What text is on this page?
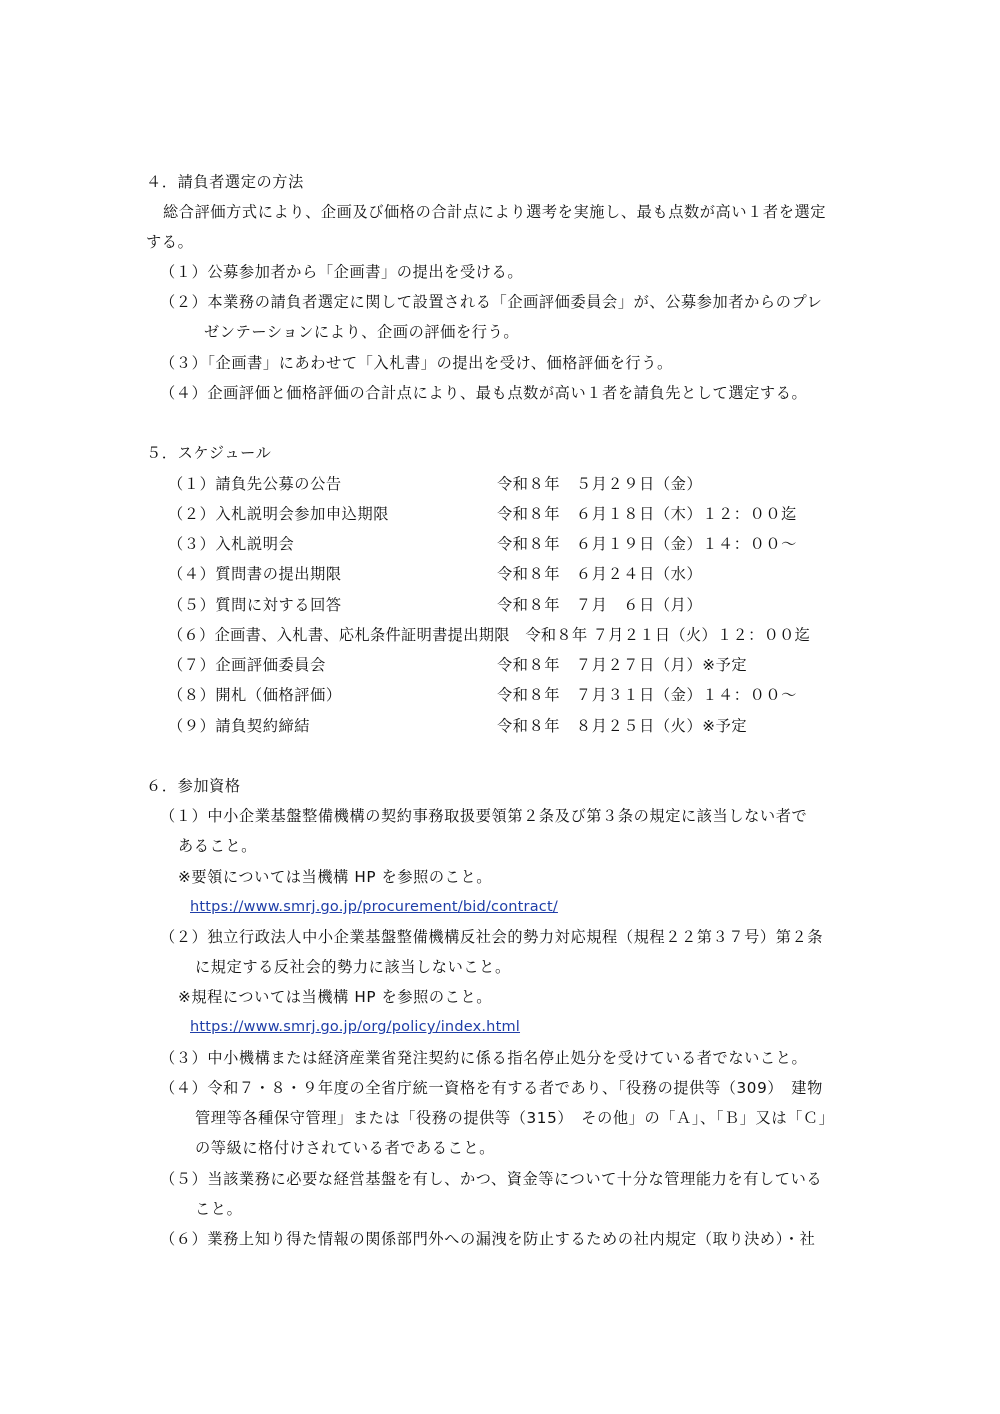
４．請負者選定の方法
総合評価方式により、企画及び価格の合計点により選考を実施し、最も点数が高い１者を選定
する。
（１）公募参加者から「企画書」の提出を受ける。
（２）本業務の請負者選定に関して設置される「企画評価委員会」が、公募参加者からのプレ
ゼンテーションにより、企画の評価を行う。
（３）「企画書」にあわせて「入札書」の提出を受け、価格評価を行う。
（４）企画評価と価格評価の合計点により、最も点数が高い１者を請負先として選定する。
５．スケジュール
（１）請負先公募の公告	令和８年　５月２９日（金）
（２）入札説明会参加申込期限	令和８年　６月１８日（木）１２：００迄
（３）入札説明会	令和８年　６月１９日（金）１４：００～
（４）質問書の提出期限	令和８年　６月２４日（水）
（５）質問に対する回答	令和８年　７月　６日（月）
（６）企画書、入札書、応札条件証明書提出期限　令和８年 ７月２１日（火）１２：００迄
（７）企画評価委員会	令和８年　７月２７日（月）※予定
（８）開札（価格評価）	令和８年　７月３１日（金）１４：００～
（９）請負契約締結	令和８年　８月２５日（火）※予定
６．参加資格
（１）中小企業基盤整備機構の契約事務取扱要領第２条及び第３条の規定に該当しない者で
あること。
※要領については当機構 HP を参照のこと。
https://www.smrj.go.jp/procurement/bid/contract/
（２）独立行政法人中小企業基盤整備機構反社会的勢力対応規程（規程２２第３７号）第２条
に規定する反社会的勢力に該当しないこと。
※規程については当機構 HP を参照のこと。
https://www.smrj.go.jp/org/policy/index.html
（３）中小機構または経済産業省発注契約に係る指名停止処分を受けている者でないこと。
（４）令和７・８・９年度の全省庁統一資格を有する者であり、「役務の提供等（309）　建物
管理等各種保守管理」または「役務の提供等（315）　その他」の「Ａ」、「Ｂ」又は「Ｃ」
の等級に格付けされている者であること。
（５）当該業務に必要な経営基盤を有し、かつ、資金等について十分な管理能力を有している
こと。
（６）業務上知り得た情報の関係部門外への漏洩を防止するための社内規定（取り決め）・社
